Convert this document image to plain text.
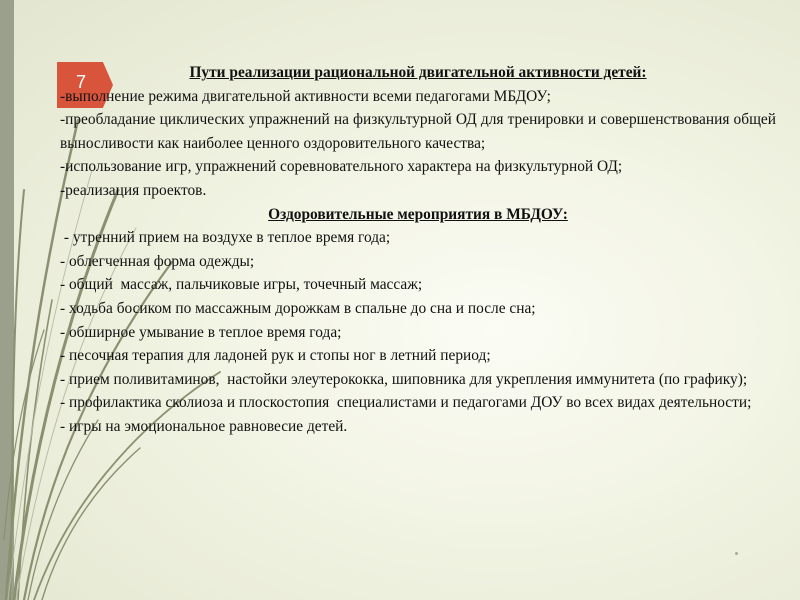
7	Пути реализации рациональной двигательной активности детей:

-выполнение режима двигательной активности всеми педагогами МБДОУ;

-преобладание циклических упражнений на физкультурной ОД для тренировки и совершенствования общей выносливости как наиболее ценного оздоровительного качества;

-использование игр, упражнений соревновательного характера на физкультурной ОД;

-реализация проектов.

Оздоровительные мероприятия в МБДОУ:

- утренний прием на воздухе в теплое время года;

- облегченная форма одежды;

- общий  массаж, пальчиковые игры, точечный массаж;

- ходьба босиком по массажным дорожкам в спальне до сна и после сна;

- обширное умывание в теплое время года;

- песочная терапия для ладоней рук и стопы ног в летний период;

- прием поливитаминов,  настойки элеутерококка, шиповника для укрепления иммунитета (по графику);

- профилактика сколиоза и плоскостопия  специалистами и педагогами ДОУ во всех видах деятельности;

- игры на эмоциональное равновесие детей.
